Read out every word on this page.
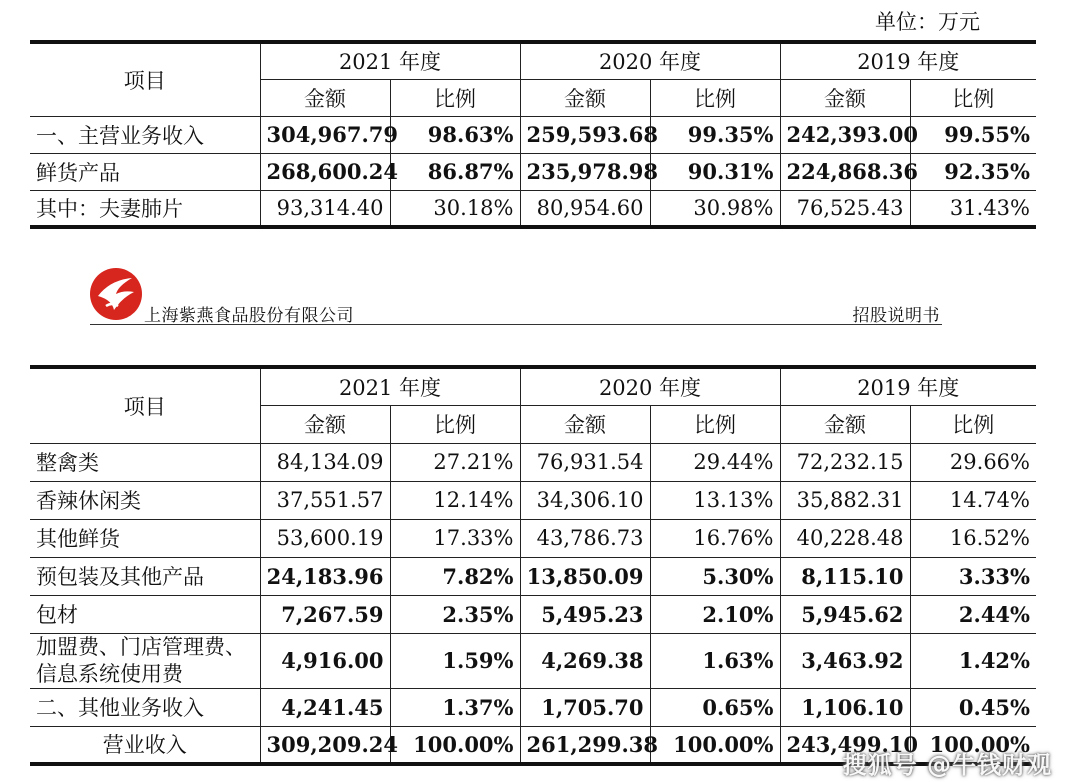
单位：万元
项目	2021 年度		2020 年度		2019 年度	
	金额	比例	金额	比例	金额	比例
一、主营业务收入	304,967.79	98.63%	259,593.68	99.35%	242,393.00	99.55%
鲜货产品	268,600.24	86.87%	235,978.98	90.31%	224,868.36	92.35%
其中：夫妻肺片	93,314.40	30.18%	80,954.60	30.98%	76,525.43	31.43%
上海紫燕食品股份有限公司	招股说明书
项目	2021 年度		2020 年度		2019 年度	
	金额	比例	金额	比例	金额	比例
整禽类	84,134.09	27.21%	76,931.54	29.44%	72,232.15	29.66%
香辣休闲类	37,551.57	12.14%	34,306.10	13.13%	35,882.31	14.74%
其他鲜货	53,600.19	17.33%	43,786.73	16.76%	40,228.48	16.52%
预包装及其他产品	24,183.96	7.82%	13,850.09	5.30%	8,115.10	3.33%
包材	7,267.59	2.35%	5,495.23	2.10%	5,945.62	2.44%
加盟费、门店管理费、信息系统使用费	4,916.00	1.59%	4,269.38	1.63%	3,463.92	1.42%
二、其他业务收入	4,241.45	1.37%	1,705.70	0.65%	1,106.10	0.45%
营业收入	309,209.24	100.00%	261,299.38	100.00%	243,499.10	100.00%
搜狐号 @牛钱财观
